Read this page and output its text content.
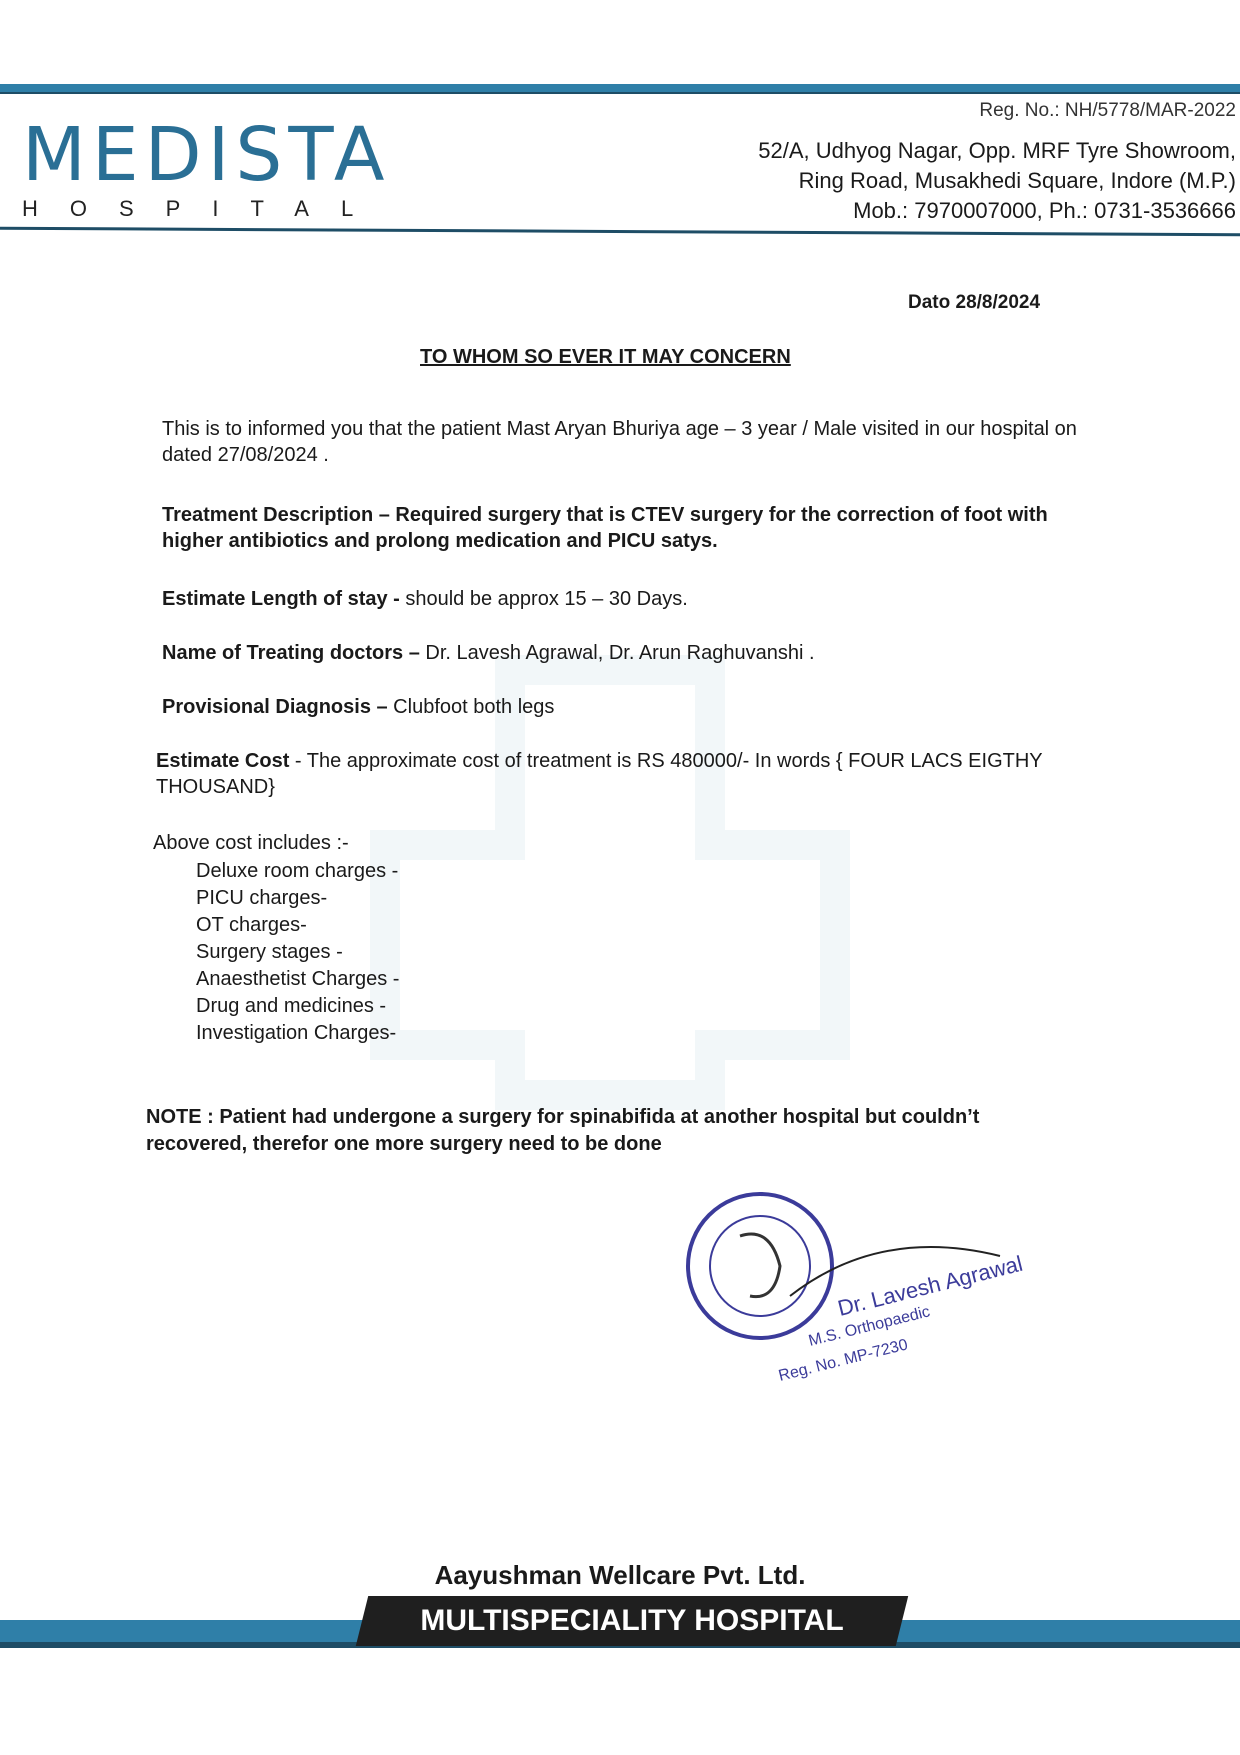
MEDISTA
HOSPITAL
Reg. No.: NH/5778/MAR-2022
52/A, Udhyog Nagar, Opp. MRF Tyre Showroom,
Ring Road, Musakhedi Square, Indore (M.P.)
Mob.: 7970007000, Ph.: 0731-3536666
Dato 28/8/2024
TO WHOM SO EVER IT MAY CONCERN
This is to informed you that the patient Mast Aryan Bhuriya age – 3 year / Male visited in our hospital on dated 27/08/2024 .
Treatment Description – Required surgery that is CTEV surgery for the correction of foot with higher antibiotics and prolong medication and PICU satys.
Estimate Length of stay - should be approx 15 – 30 Days.
Name of Treating doctors – Dr. Lavesh Agrawal, Dr. Arun Raghuvanshi .
Provisional Diagnosis – Clubfoot both legs
Estimate Cost - The approximate cost of treatment is RS 480000/- In words { FOUR LACS EIGTHY THOUSAND}
Above cost includes :-
Deluxe room charges -
PICU charges-
OT charges-
Surgery stages -
Anaesthetist Charges -
Drug and medicines -
Investigation Charges-
NOTE : Patient had undergone a surgery for spinabifida at another hospital but couldn’t recovered, therefor one more surgery need to be done
Dr. Lavesh Agrawal
M.S. Orthopaedic
Reg. No. MP-7230
Aayushman Wellcare Pvt. Ltd.
MULTISPECIALITY HOSPITAL
